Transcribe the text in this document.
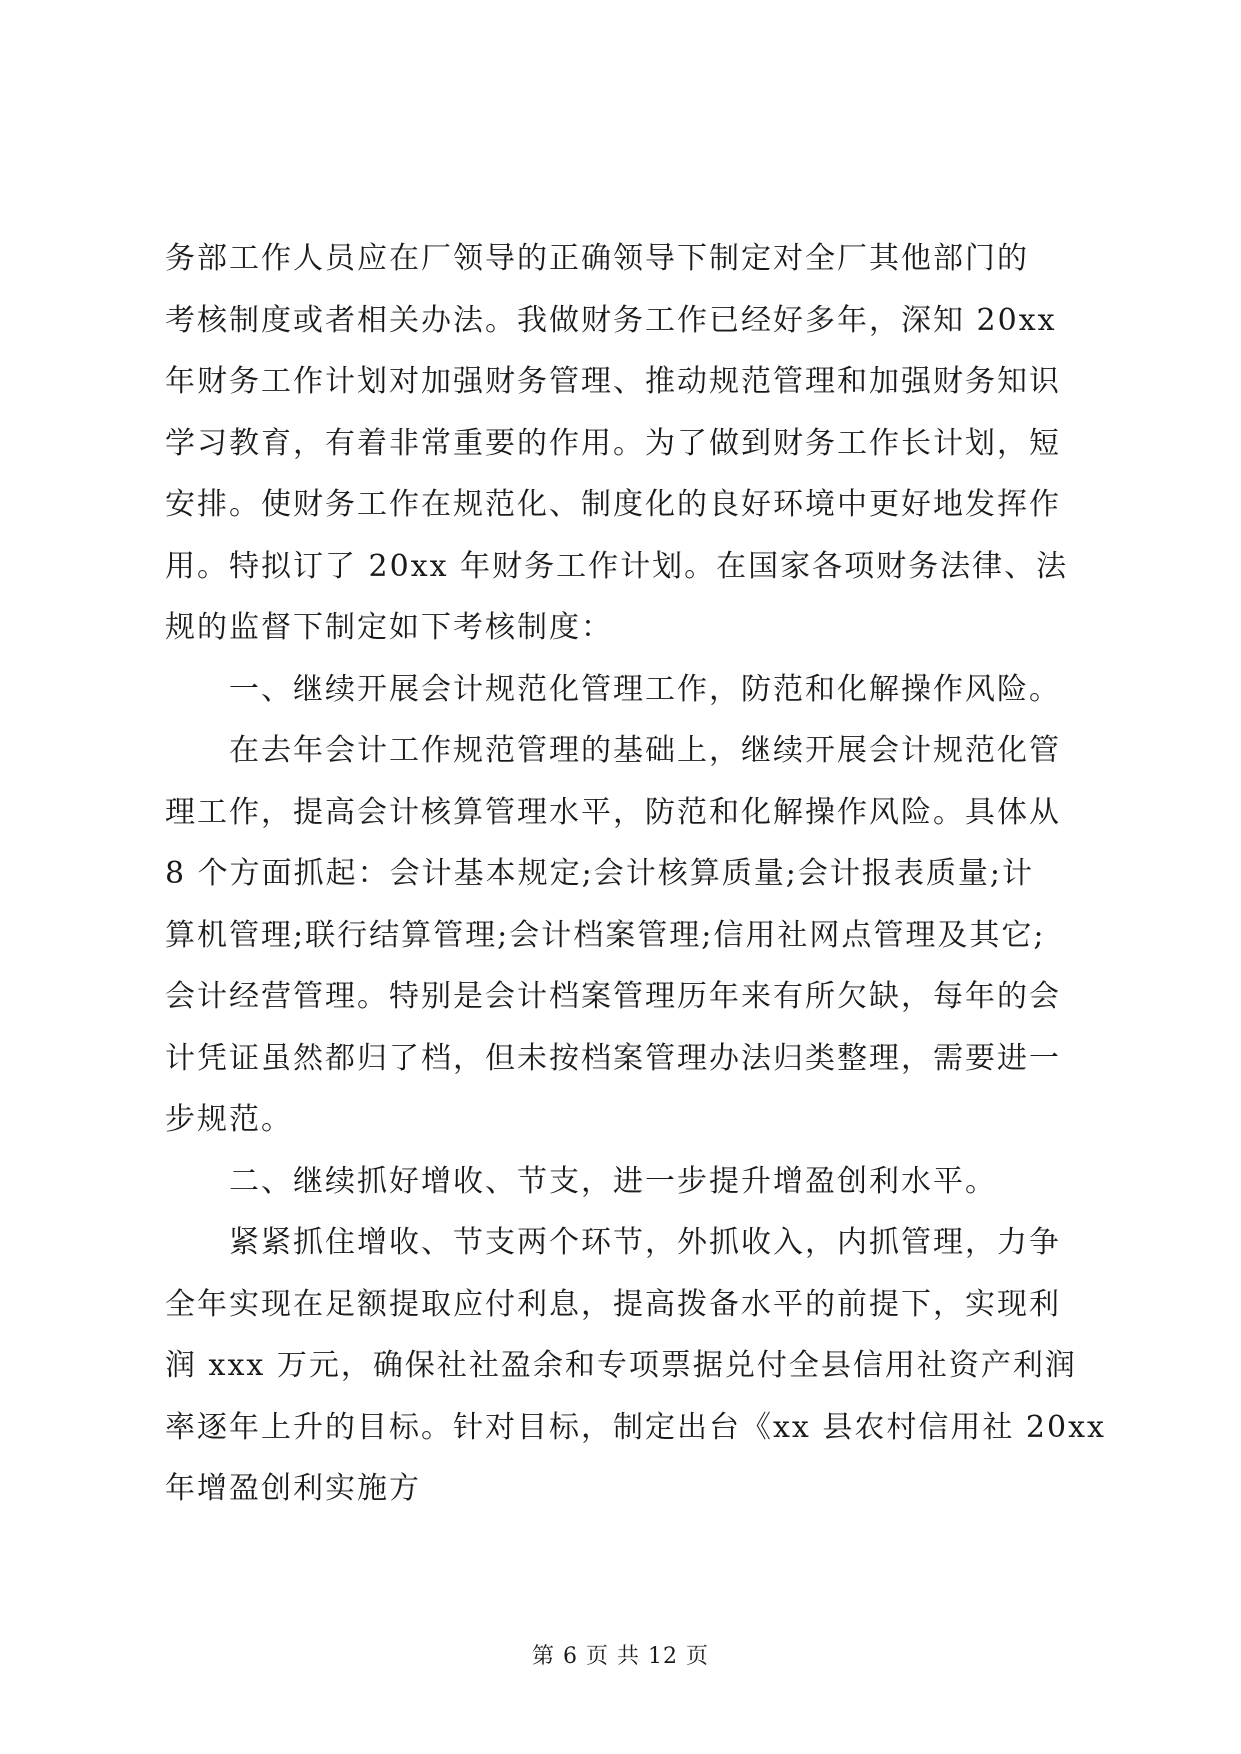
务部工作人员应在厂领导的正确领导下制定对全厂其他部门的
考核制度或者相关办法。我做财务工作已经好多年，深知 20xx
年财务工作计划对加强财务管理、推动规范管理和加强财务知识
学习教育，有着非常重要的作用。为了做到财务工作长计划，短
安排。使财务工作在规范化、制度化的良好环境中更好地发挥作
用。特拟订了 20xx 年财务工作计划。在国家各项财务法律、法
规的监督下制定如下考核制度：
　　一、继续开展会计规范化管理工作，防范和化解操作风险。
　　在去年会计工作规范管理的基础上，继续开展会计规范化管
理工作，提高会计核算管理水平，防范和化解操作风险。具体从
8 个方面抓起：会计基本规定;会计核算质量;会计报表质量;计
算机管理;联行结算管理;会计档案管理;信用社网点管理及其它;
会计经营管理。特别是会计档案管理历年来有所欠缺，每年的会
计凭证虽然都归了档，但未按档案管理办法归类整理，需要进一
步规范。
　　二、继续抓好增收、节支，进一步提升增盈创利水平。
　　紧紧抓住增收、节支两个环节，外抓收入，内抓管理，力争
全年实现在足额提取应付利息，提高拨备水平的前提下，实现利
润 xxx 万元，确保社社盈余和专项票据兑付全县信用社资产利润
率逐年上升的目标。针对目标，制定出台《xx 县农村信用社 20xx
年增盈创利实施方
第 6 页 共 12 页
